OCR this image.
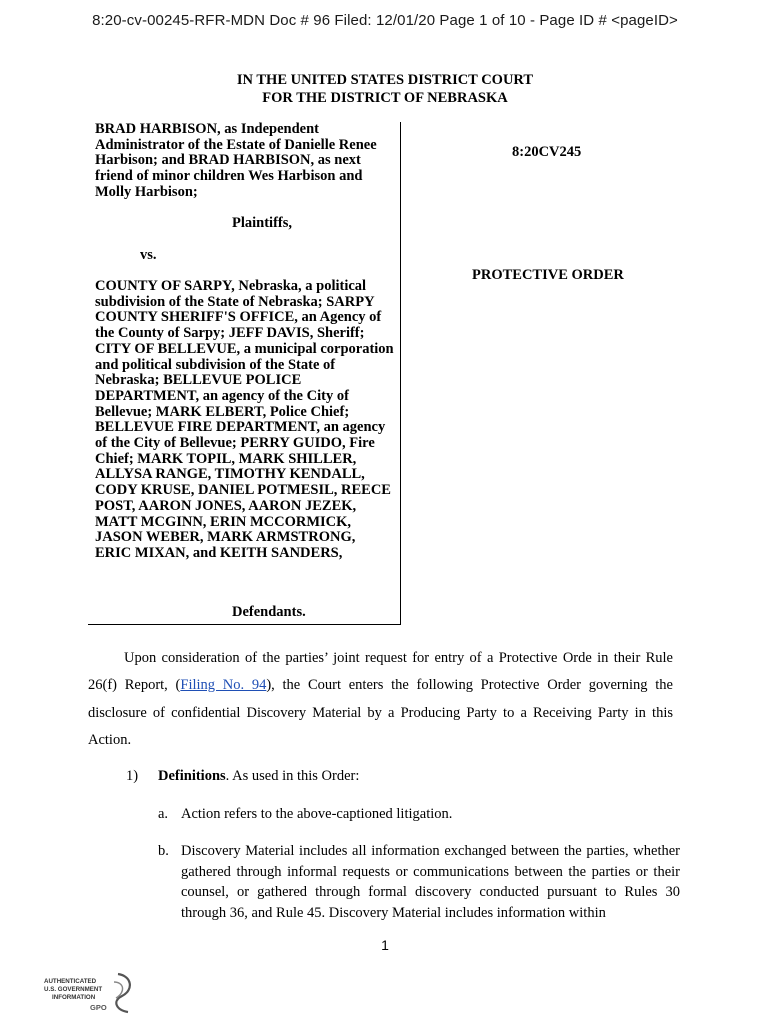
8:20-cv-00245-RFR-MDN Doc # 96 Filed: 12/01/20 Page 1 of 10 - Page ID # <pageID>
IN THE UNITED STATES DISTRICT COURT
FOR THE DISTRICT OF NEBRASKA
BRAD HARBISON, as Independent Administrator of the Estate of Danielle Renee Harbison; and BRAD HARBISON, as next friend of minor children Wes Harbison and Molly Harbison;
Plaintiffs,
vs.
COUNTY OF SARPY, Nebraska, a political subdivision of the State of Nebraska; SARPY COUNTY SHERIFF'S OFFICE, an Agency of the County of Sarpy; JEFF DAVIS, Sheriff; CITY OF BELLEVUE, a municipal corporation and political subdivision of the State of Nebraska; BELLEVUE POLICE DEPARTMENT, an agency of the City of Bellevue; MARK ELBERT, Police Chief; BELLEVUE FIRE DEPARTMENT, an agency of the City of Bellevue; PERRY GUIDO, Fire Chief; MARK TOPIL, MARK SHILLER, ALLYSA RANGE, TIMOTHY KENDALL, CODY KRUSE, DANIEL POTMESIL, REECE POST, AARON JONES, AARON JEZEK, MATT MCGINN, ERIN MCCORMICK, JASON WEBER, MARK ARMSTRONG, ERIC MIXAN, and KEITH SANDERS,
Defendants.
8:20CV245
PROTECTIVE ORDER
Upon consideration of the parties’ joint request for entry of a Protective Orde in their Rule 26(f) Report, (Filing No. 94), the Court enters the following Protective Order governing the disclosure of confidential Discovery Material by a Producing Party to a Receiving Party in this Action.
1) Definitions. As used in this Order:
a. Action refers to the above-captioned litigation.
b. Discovery Material includes all information exchanged between the parties, whether gathered through informal requests or communications between the parties or their counsel, or gathered through formal discovery conducted pursuant to Rules 30 through 36, and Rule 45. Discovery Material includes information within
1
AUTHENTICATED
U.S. GOVERNMENT
INFORMATION
GPO
